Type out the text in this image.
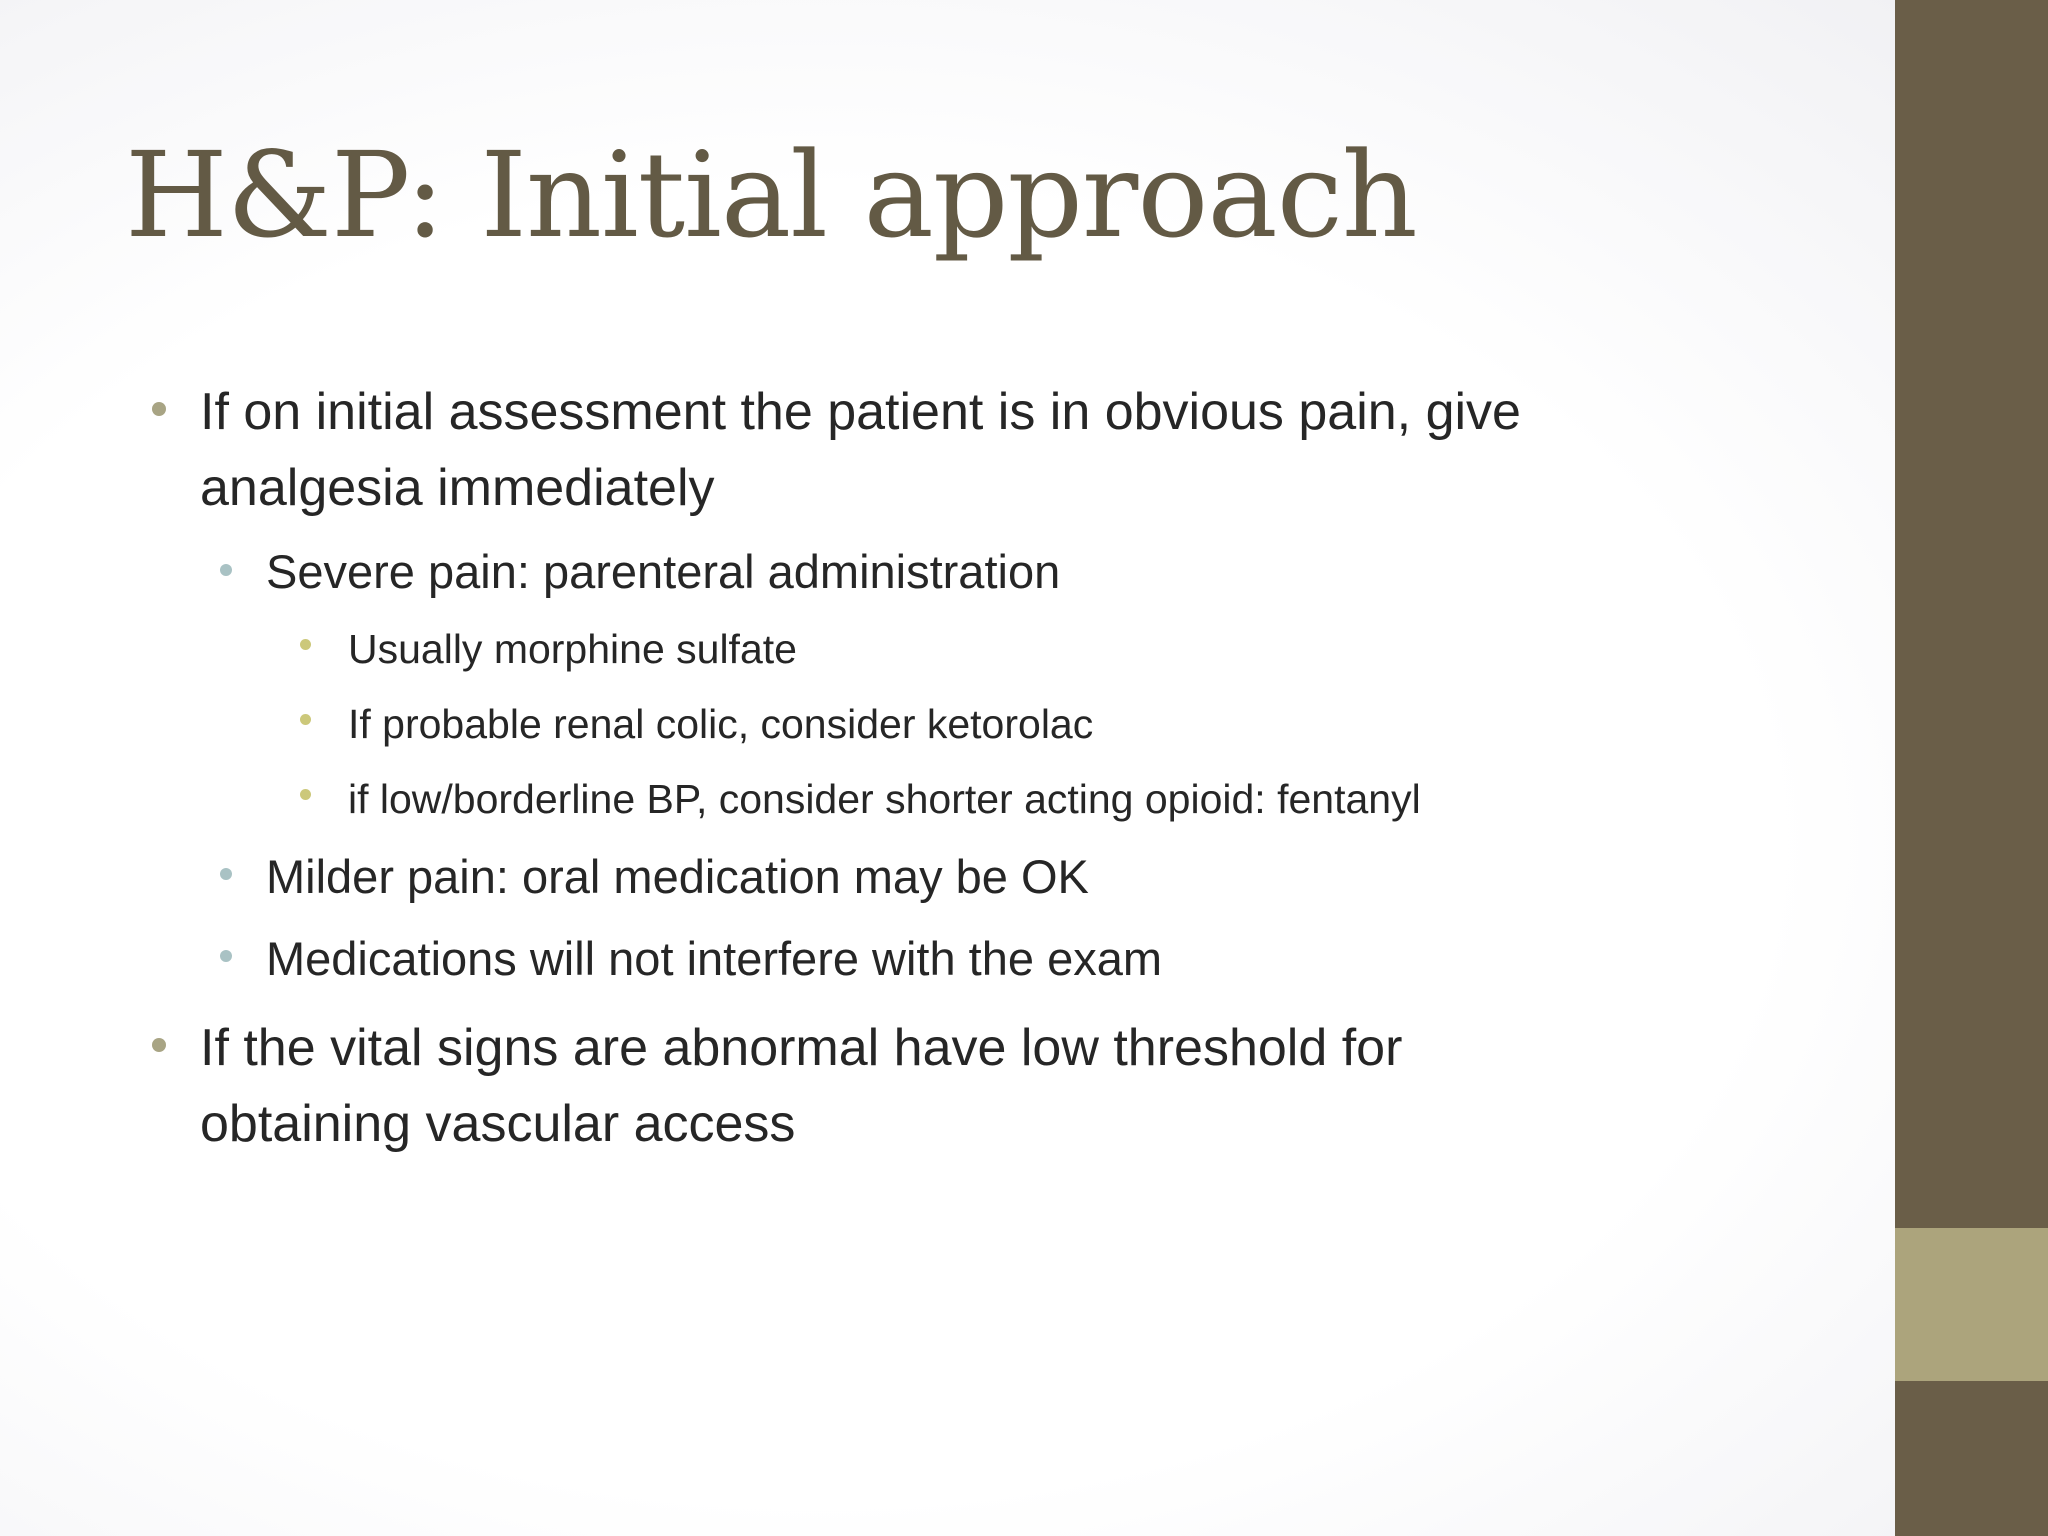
H&P: Initial approach
If on initial assessment the patient is in obvious pain, give
analgesia immediately
Severe pain: parenteral administration
Usually morphine sulfate
If probable renal colic, consider ketorolac
if low/borderline BP, consider shorter acting opioid: fentanyl
Milder pain: oral medication may be OK
Medications will not interfere with the exam
If the vital signs are abnormal have low threshold for
obtaining vascular access
